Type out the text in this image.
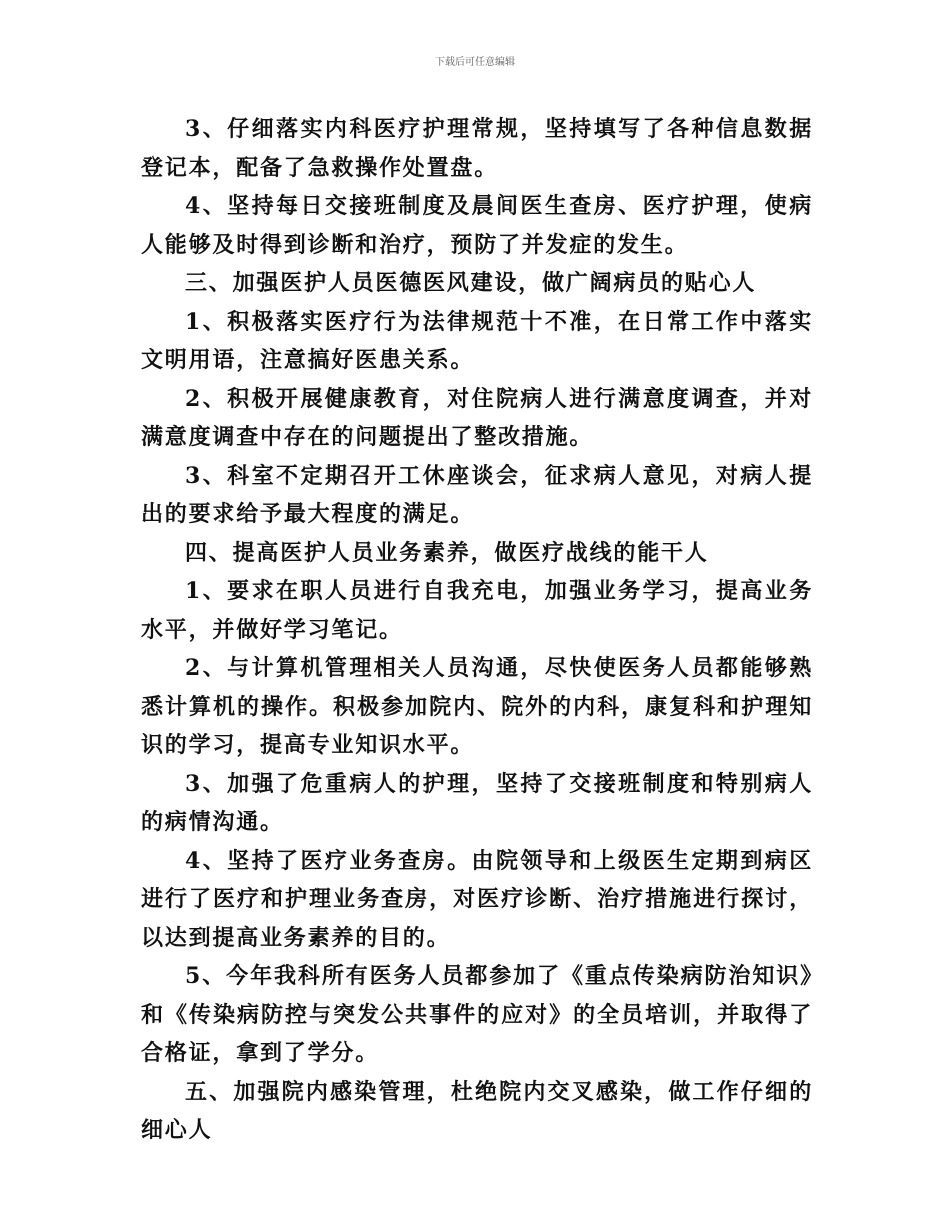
下载后可任意编辑

3、仔细落实内科医疗护理常规，坚持填写了各种信息数据登记本，配备了急救操作处置盘。

4、坚持每日交接班制度及晨间医生查房、医疗护理，使病人能够及时得到诊断和治疗，预防了并发症的发生。

三、加强医护人员医德医风建设，做广阔病员的贴心人

1、积极落实医疗行为法律规范十不准，在日常工作中落实文明用语，注意搞好医患关系。

2、积极开展健康教育，对住院病人进行满意度调查，并对满意度调查中存在的问题提出了整改措施。

3、科室不定期召开工休座谈会，征求病人意见，对病人提出的要求给予最大程度的满足。

四、提高医护人员业务素养，做医疗战线的能干人

1、要求在职人员进行自我充电，加强业务学习，提高业务水平，并做好学习笔记。

2、与计算机管理相关人员沟通，尽快使医务人员都能够熟悉计算机的操作。积极参加院内、院外的内科，康复科和护理知识的学习，提高专业知识水平。

3、加强了危重病人的护理，坚持了交接班制度和特别病人的病情沟通。

4、坚持了医疗业务查房。由院领导和上级医生定期到病区进行了医疗和护理业务查房，对医疗诊断、治疗措施进行探讨，以达到提高业务素养的目的。

5、今年我科所有医务人员都参加了《重点传染病防治知识》和《传染病防控与突发公共事件的应对》的全员培训，并取得了合格证，拿到了学分。

五、加强院内感染管理，杜绝院内交叉感染，做工作仔细的细心人
